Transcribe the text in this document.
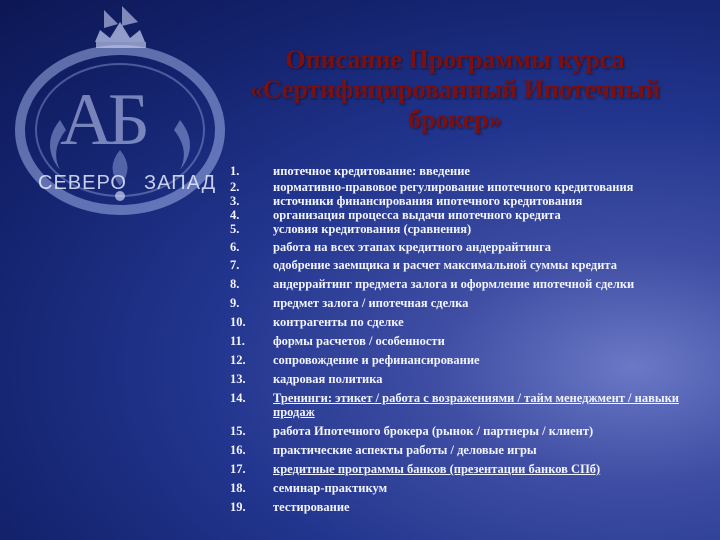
АБ
СЕВЕРО ЗАПАД
Описание Программы курса
«Сертифицированный Ипотечный
брокер»
1.	ипотечное кредитование: введение
2.	нормативно-правовое регулирование ипотечного кредитования
3.	источники финансирования ипотечного кредитования
4.	организация процесса выдачи ипотечного кредита
5.	условия кредитования (сравнения)
6.	работа на всех этапах кредитного андеррайтинга
7.	одобрение заемщика и расчет максимальной суммы кредита
8.	андеррайтинг предмета залога и оформление ипотечной сделки
9.	предмет залога / ипотечная сделка
10. контрагенты по сделке
11. формы расчетов / особенности
12. сопровождение и рефинансирование
13. кадровая политика
14. Тренинги: этикет / работа с возражениями / тайм менеджмент / навыки продаж
15. работа Ипотечного брокера (рынок / партнеры / клиент)
16. практические аспекты работы / деловые игры
17. кредитные программы банков (презентации банков СПб)
18. семинар-практикум
19. тестирование
